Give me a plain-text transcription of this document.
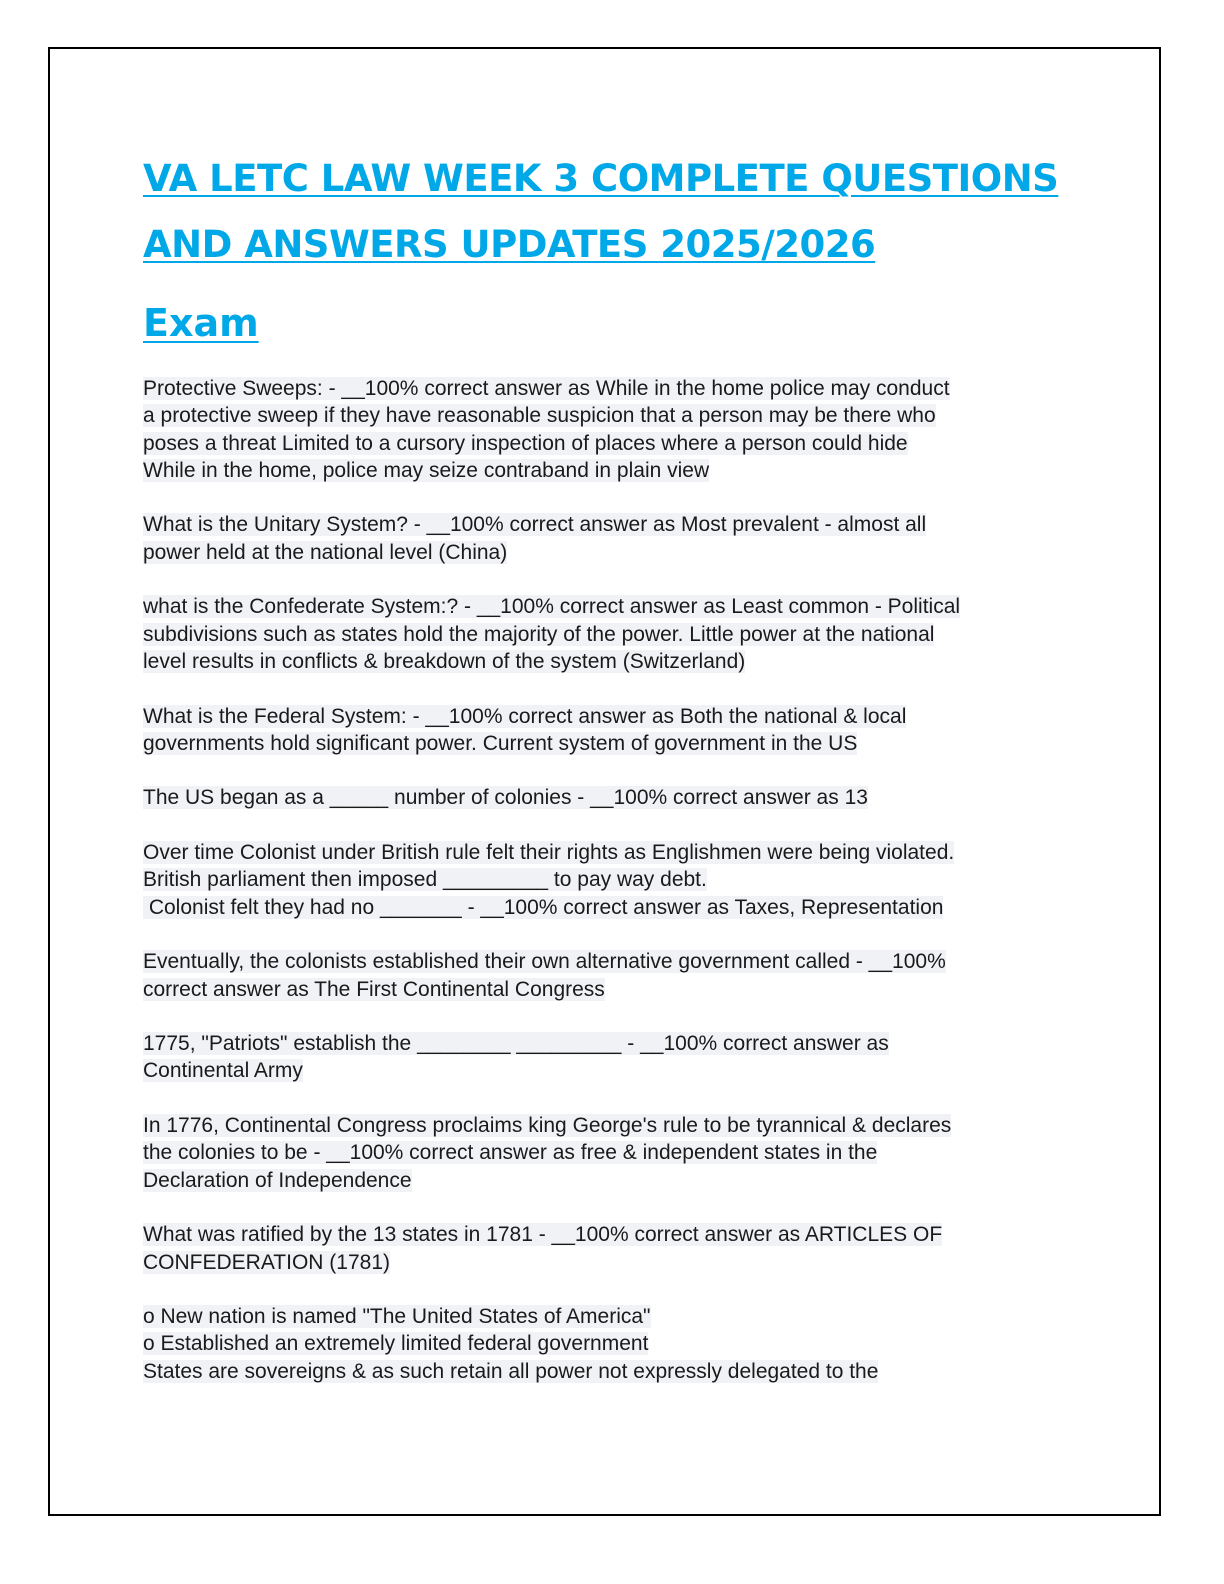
VA LETC LAW WEEK 3 COMPLETE QUESTIONS
AND ANSWERS UPDATES 2025/2026
Exam
Protective Sweeps: - __100% correct answer as While in the home police may conduct
a protective sweep if they have reasonable suspicion that a person may be there who
poses a threat Limited to a cursory inspection of places where a person could hide
While in the home, police may seize contraband in plain view
What is the Unitary System? - __100% correct answer as Most prevalent - almost all
power held at the national level (China)
what is the Confederate System:? - __100% correct answer as Least common - Political
subdivisions such as states hold the majority of the power. Little power at the national
level results in conflicts & breakdown of the system (Switzerland)
What is the Federal System: - __100% correct answer as Both the national & local
governments hold significant power. Current system of government in the US
The US began as a _____ number of colonies - __100% correct answer as 13
Over time Colonist under British rule felt their rights as Englishmen were being violated.
British parliament then imposed _________ to pay way debt.
Colonist felt they had no _______ - __100% correct answer as Taxes, Representation
Eventually, the colonists established their own alternative government called - __100%
correct answer as The First Continental Congress
1775, "Patriots" establish the ________ _________ - __100% correct answer as
Continental Army
In 1776, Continental Congress proclaims king George's rule to be tyrannical & declares
the colonies to be - __100% correct answer as free & independent states in the
Declaration of Independence
What was ratified by the 13 states in 1781 - __100% correct answer as ARTICLES OF
CONFEDERATION (1781)
o New nation is named "The United States of America"
o Established an extremely limited federal government
States are sovereigns & as such retain all power not expressly delegated to the
